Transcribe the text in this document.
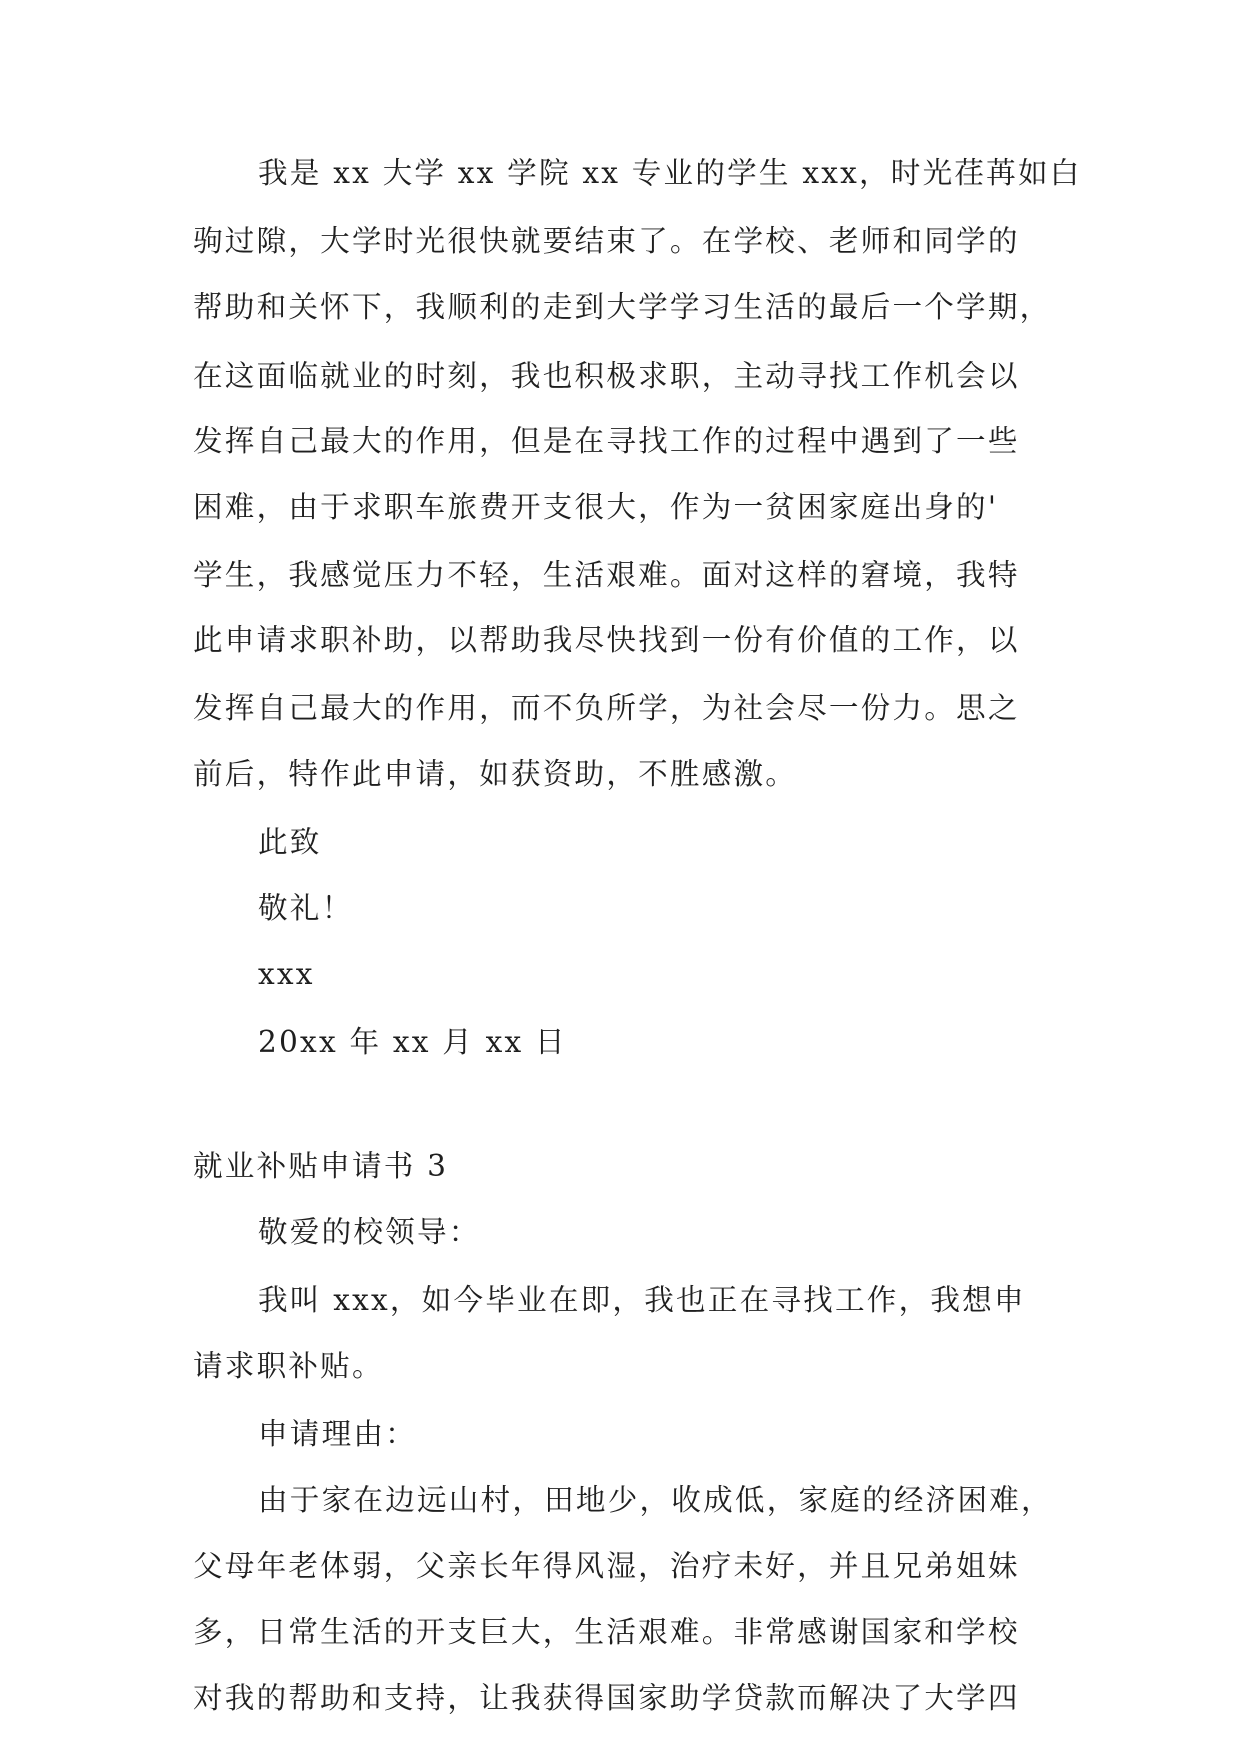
我是 xx 大学 xx 学院 xx 专业的学生 xxx，时光荏苒如白
驹过隙，大学时光很快就要结束了。在学校、老师和同学的
帮助和关怀下，我顺利的走到大学学习生活的最后一个学期，
在这面临就业的时刻，我也积极求职，主动寻找工作机会以
发挥自己最大的作用，但是在寻找工作的过程中遇到了一些
困难，由于求职车旅费开支很大，作为一贫困家庭出身的'
学生，我感觉压力不轻，生活艰难。面对这样的窘境，我特
此申请求职补助，以帮助我尽快找到一份有价值的工作，以
发挥自己最大的作用，而不负所学，为社会尽一份力。思之
前后，特作此申请，如获资助，不胜感激。
此致
敬礼！
xxx
20xx 年 xx 月 xx 日
就业补贴申请书 3
敬爱的校领导：
我叫 xxx，如今毕业在即，我也正在寻找工作，我想申
请求职补贴。
申请理由：
由于家在边远山村，田地少，收成低，家庭的经济困难，
父母年老体弱，父亲长年得风湿，治疗未好，并且兄弟姐妹
多，日常生活的开支巨大，生活艰难。非常感谢国家和学校
对我的帮助和支持，让我获得国家助学贷款而解决了大学四
